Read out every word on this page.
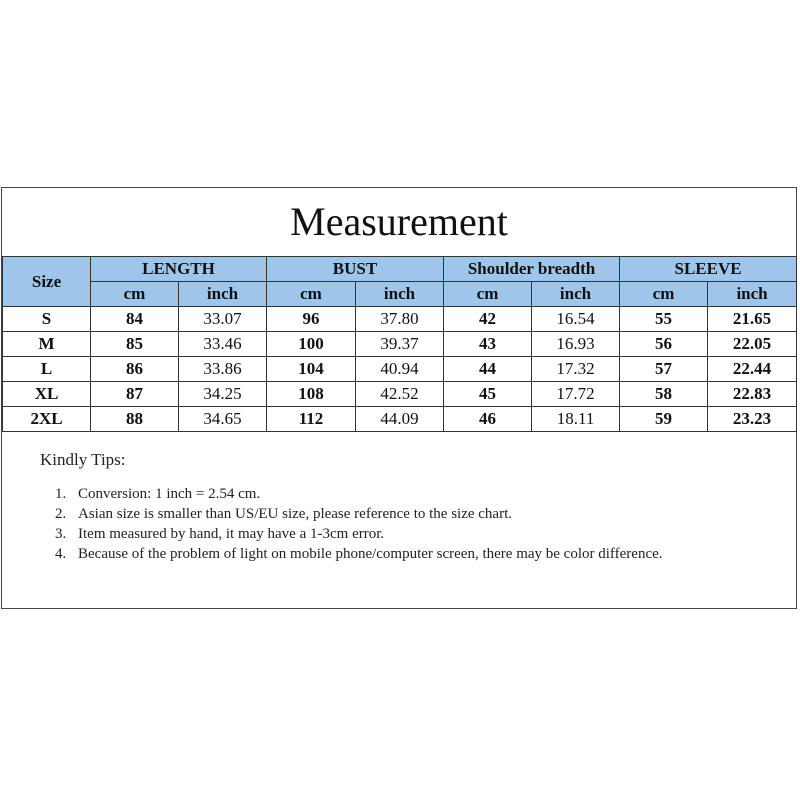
Measurement
Size	LENGTH		BUST		Shoulder breadth		SLEEVE	
	cm	inch	cm	inch	cm	inch	cm	inch
S	84	33.07	96	37.80	42	16.54	55	21.65
M	85	33.46	100	39.37	43	16.93	56	22.05
L	86	33.86	104	40.94	44	17.32	57	22.44
XL	87	34.25	108	42.52	45	17.72	58	22.83
2XL	88	34.65	112	44.09	46	18.11	59	23.23
Kindly Tips:
1. Conversion: 1 inch = 2.54 cm.
2. Asian size is smaller than US/EU size, please reference to the size chart.
3. Item measured by hand, it may have a 1-3cm error.
4. Because of the problem of light on mobile phone/computer screen, there may be color difference.
